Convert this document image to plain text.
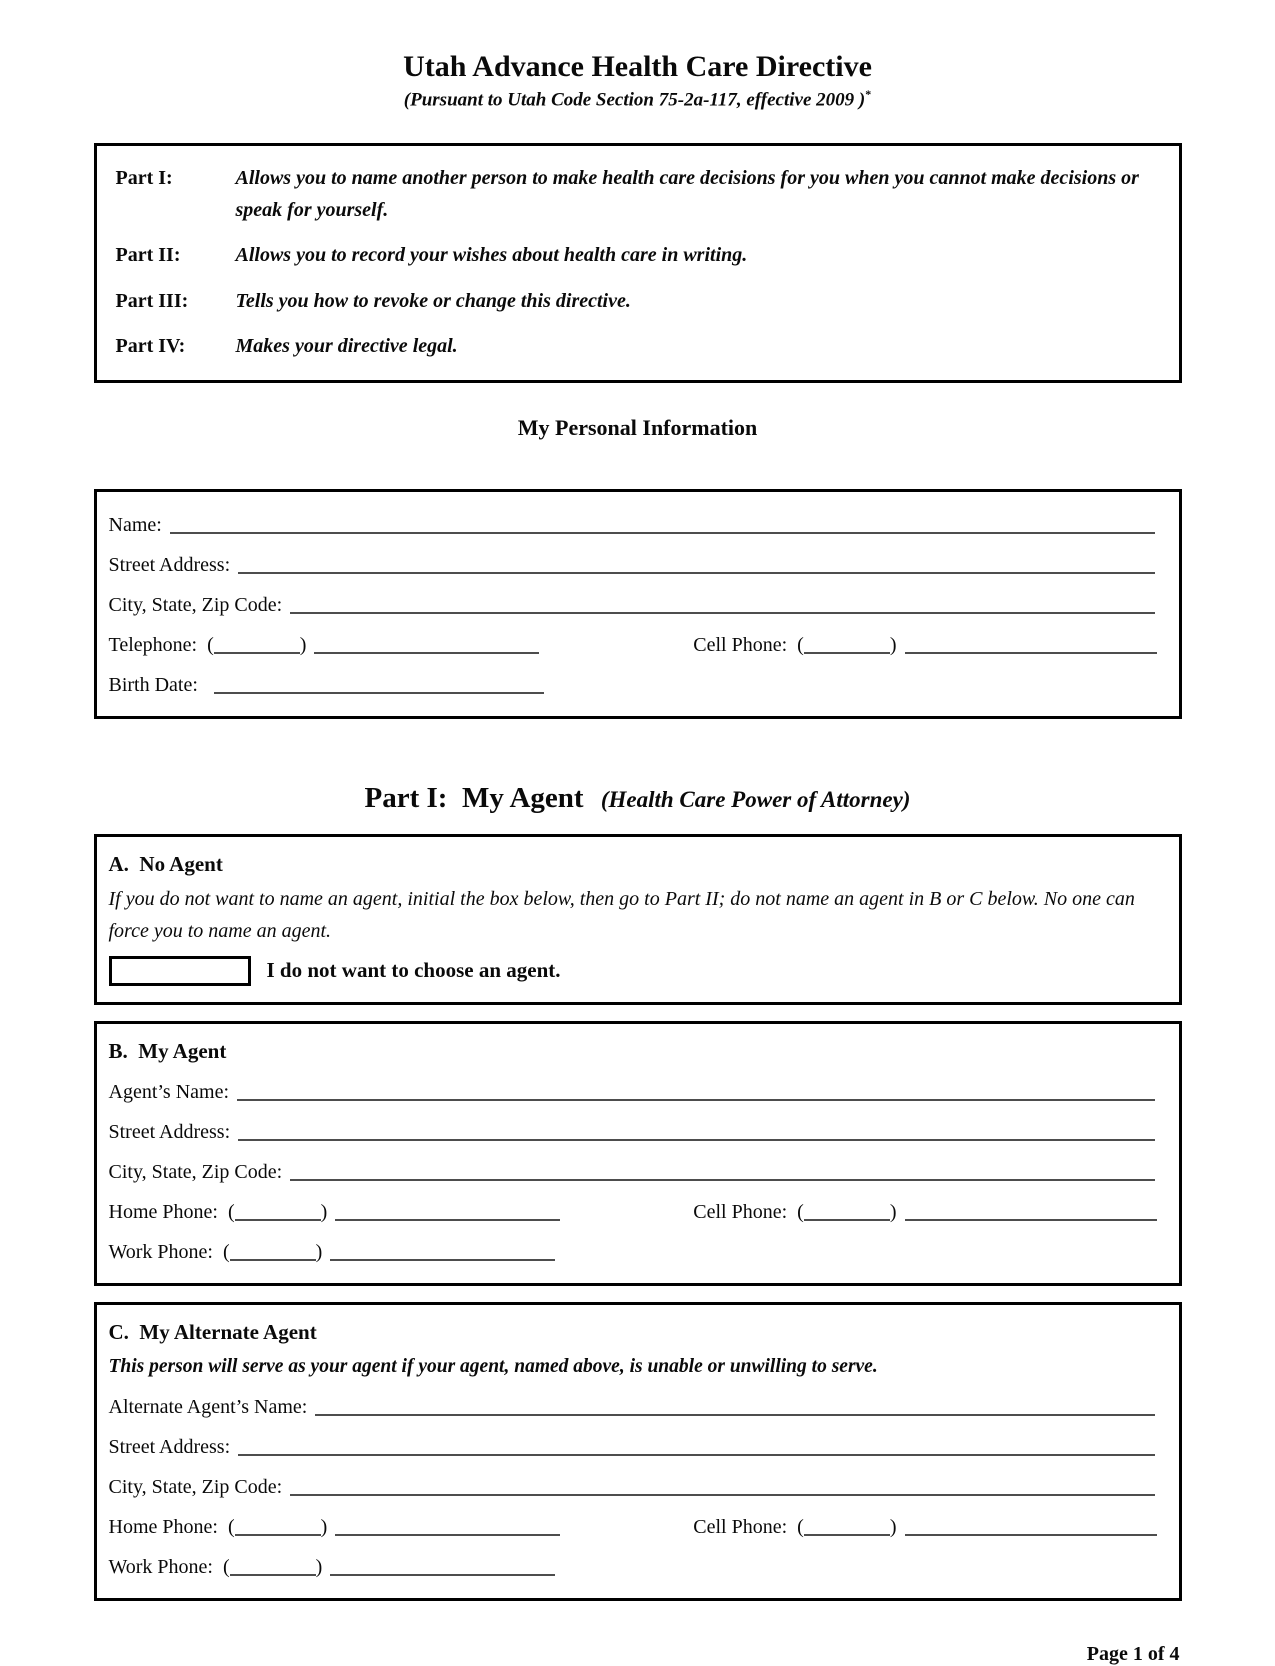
Utah Advance Health Care Directive
(Pursuant to Utah Code Section 75-2a-117, effective 2009 )*
Part I:	Allows you to name another person to make health care decisions for you when you cannot make decisions or speak for yourself.
Part II:	Allows you to record your wishes about health care in writing.
Part III:	Tells you how to revoke or change this directive.
Part IV:	Makes your directive legal.
My Personal Information
Name:
Street Address:
City, State, Zip Code:
Telephone: (	)	Cell Phone: (	)
Birth Date:
Part I:  My Agent (Health Care Power of Attorney)
A.  No Agent
If you do not want to name an agent, initial the box below, then go to Part II; do not name an agent in B or C below. No one can force you to name an agent.
I do not want to choose an agent.
B.  My Agent
Agent’s Name:
Street Address:
City, State, Zip Code:
Home Phone: (	)	Cell Phone: (	)
Work Phone: (	)
C.  My Alternate Agent
This person will serve as your agent if your agent, named above, is unable or unwilling to serve.
Alternate Agent’s Name:
Street Address:
City, State, Zip Code:
Home Phone: (	)	Cell Phone: (	)
Work Phone: (	)
Page 1 of 4
